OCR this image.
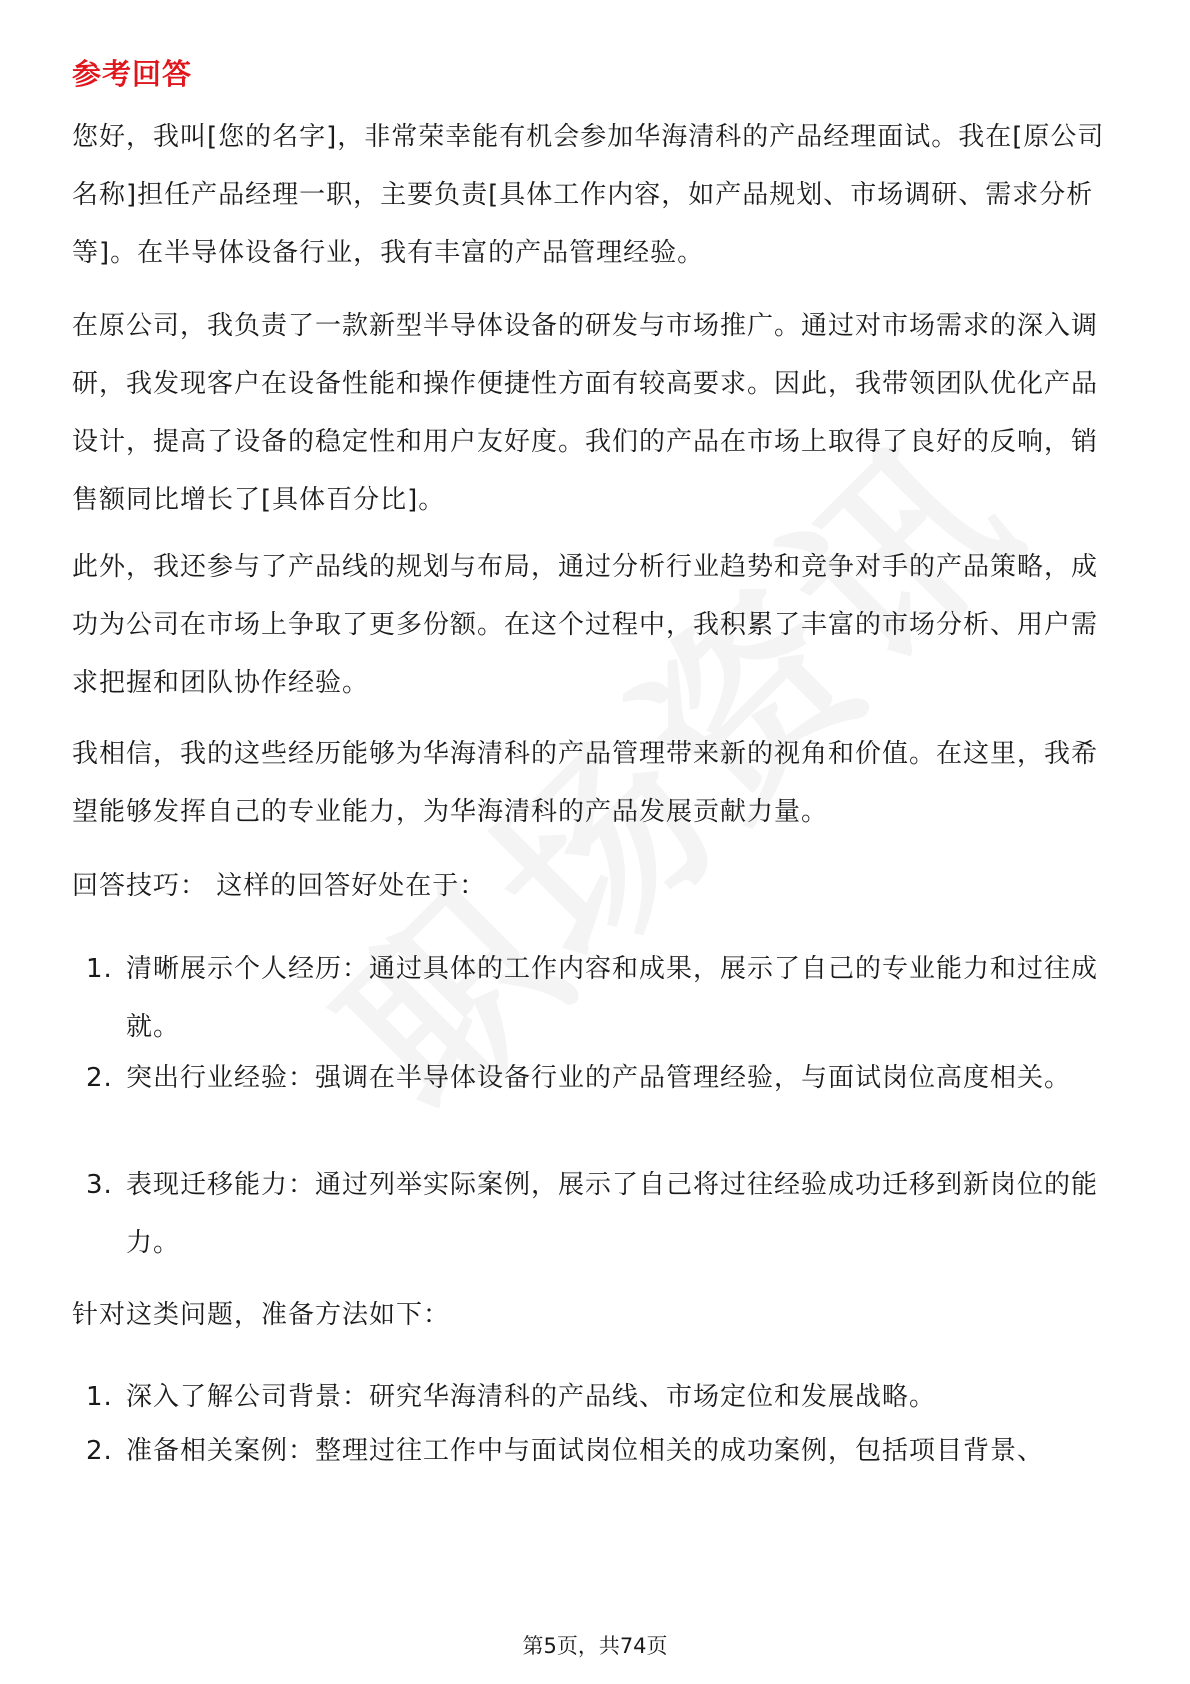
参考回答
您好，我叫[您的名字]，非常荣幸能有机会参加华海清科的产品经理面试。我在[原公司名称]担任产品经理一职，主要负责[具体工作内容，如产品规划、市场调研、需求分析等]。在半导体设备行业，我有丰富的产品管理经验。
在原公司，我负责了一款新型半导体设备的研发与市场推广。通过对市场需求的深入调研，我发现客户在设备性能和操作便捷性方面有较高要求。因此，我带领团队优化产品设计，提高了设备的稳定性和用户友好度。我们的产品在市场上取得了良好的反响，销售额同比增长了[具体百分比]。
此外，我还参与了产品线的规划与布局，通过分析行业趋势和竞争对手的产品策略，成功为公司在市场上争取了更多份额。在这个过程中，我积累了丰富的市场分析、用户需求把握和团队协作经验。
我相信，我的这些经历能够为华海清科的产品管理带来新的视角和价值。在这里，我希望能够发挥自己的专业能力，为华海清科的产品发展贡献力量。
回答技巧： 这样的回答好处在于：
1. 清晰展示个人经历：通过具体的工作内容和成果，展示了自己的专业能力和过往成就。
2. 突出行业经验：强调在半导体设备行业的产品管理经验，与面试岗位高度相关。
3. 表现迁移能力：通过列举实际案例，展示了自己将过往经验成功迁移到新岗位的能力。
针对这类问题，准备方法如下：
1. 深入了解公司背景：研究华海清科的产品线、市场定位和发展战略。
2. 准备相关案例：整理过往工作中与面试岗位相关的成功案例，包括项目背景、
第5页，共74页
